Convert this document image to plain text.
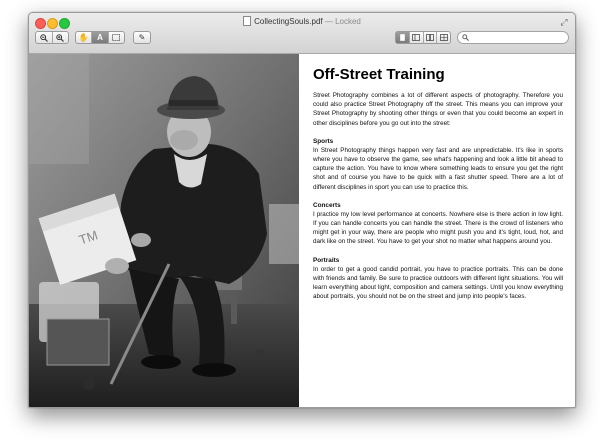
⤢
CollectingSouls.pdf — Locked
✋	A	✎
TM
Off-Street Training

Street Photography combines a lot of different aspects of photography. Therefore you could also practice Street Photography off the street. This means you can improve your Street Photography by shooting other things or even that you could become an expert in other disciplines before you go out into the street:

Sports

In Street Photography things happen very fast and are unpredictable. It's like in sports where you have to observe the game, see what's happening and look a little bit ahead to capture the action. You have to know where something leads to ensure you get the right shot and of course you have to be quick with a fast shutter speed. There are a lot of different disciplines in sport you can use to practice this.

Concerts

I practice my low level performance at concerts. Nowhere else is there action in low light. If you can handle concerts you can handle the street. There is the crowd of listeners who might get in your way, there are people who might push you and it's tight, loud, hot, and dark like on the street. You have to get your shot no matter what happens around you.

Portraits

In order to get a good candid portrait, you have to practice portraits. This can be done with friends and family. Be sure to practice outdoors with different light situations. You will learn everything about light, composition and camera settings. Until you know everything about portraits, you should not be on the street and jump into people's faces.
